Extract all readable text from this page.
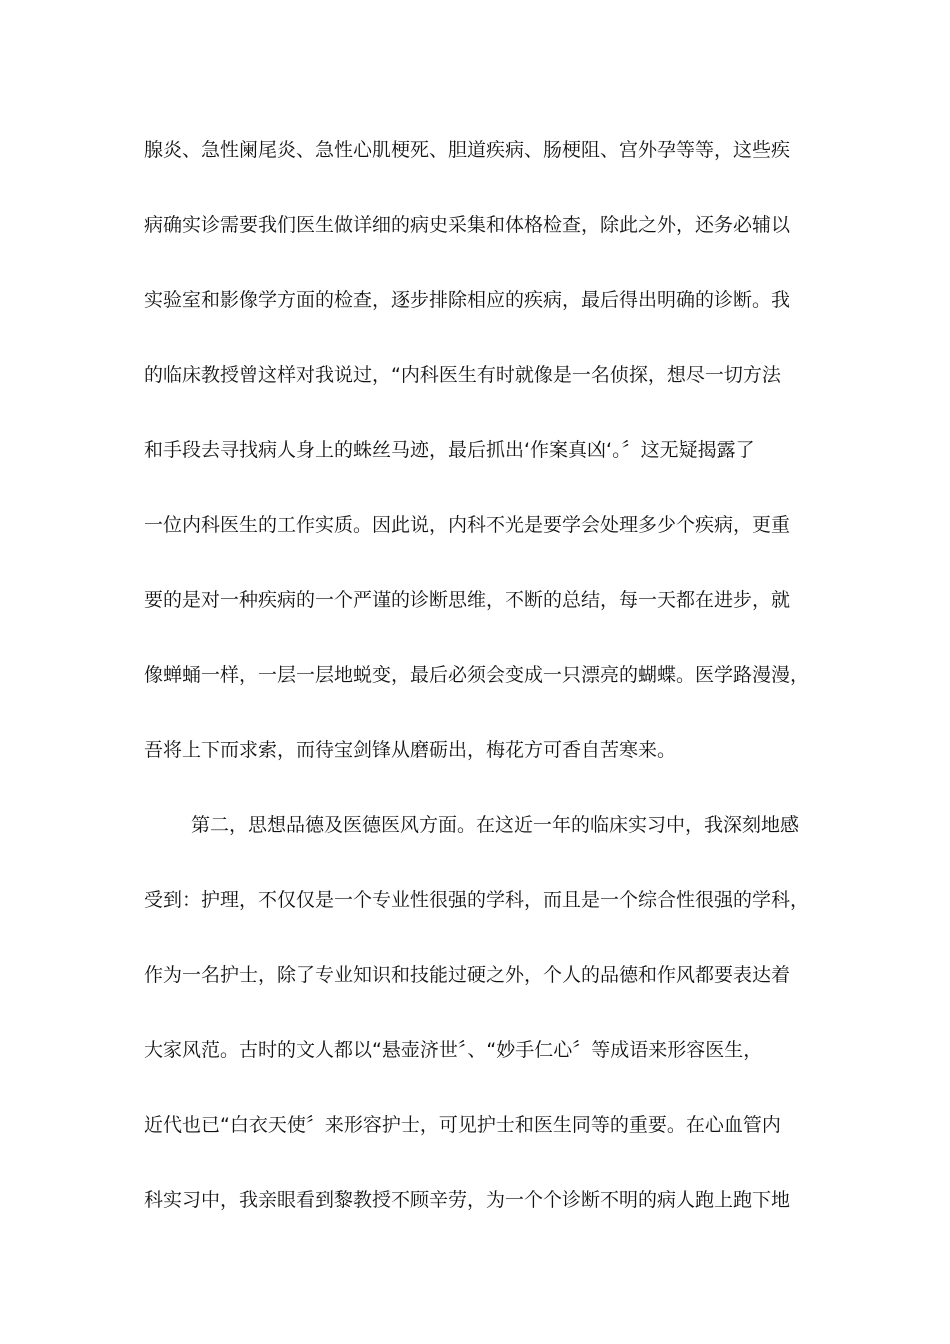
腺炎、急性阑尾炎、急性心肌梗死、胆道疾病、肠梗阻、宫外孕等等，这些疾
病确实诊需要我们医生做详细的病史采集和体格检查，除此之外，还务必辅以
实验室和影像学方面的检查，逐步排除相应的疾病，最后得出明确的诊断。我
的临床教授曾这样对我说过，“内科医生有时就像是一名侦探，想尽一切方法
和手段去寻找病人身上的蛛丝马迹，最后抓出‘作案真凶‘。〞这无疑揭露了
一位内科医生的工作实质。因此说，内科不光是要学会处理多少个疾病，更重
要的是对一种疾病的一个严谨的诊断思维，不断的总结，每一天都在进步，就
像蝉蛹一样，一层一层地蜕变，最后必须会变成一只漂亮的蝴蝶。医学路漫漫，
吾将上下而求索，而待宝剑锋从磨砺出，梅花方可香自苦寒来。
第二，思想品德及医德医风方面。在这近一年的临床实习中，我深刻地感
受到：护理，不仅仅是一个专业性很强的学科，而且是一个综合性很强的学科，
作为一名护士，除了专业知识和技能过硬之外，个人的品德和作风都要表达着
大家风范。古时的文人都以“悬壶济世〞、“妙手仁心〞等成语来形容医生，
近代也已“白衣天使〞来形容护士，可见护士和医生同等的重要。在心血管内
科实习中，我亲眼看到黎教授不顾辛劳，为一个个诊断不明的病人跑上跑下地
